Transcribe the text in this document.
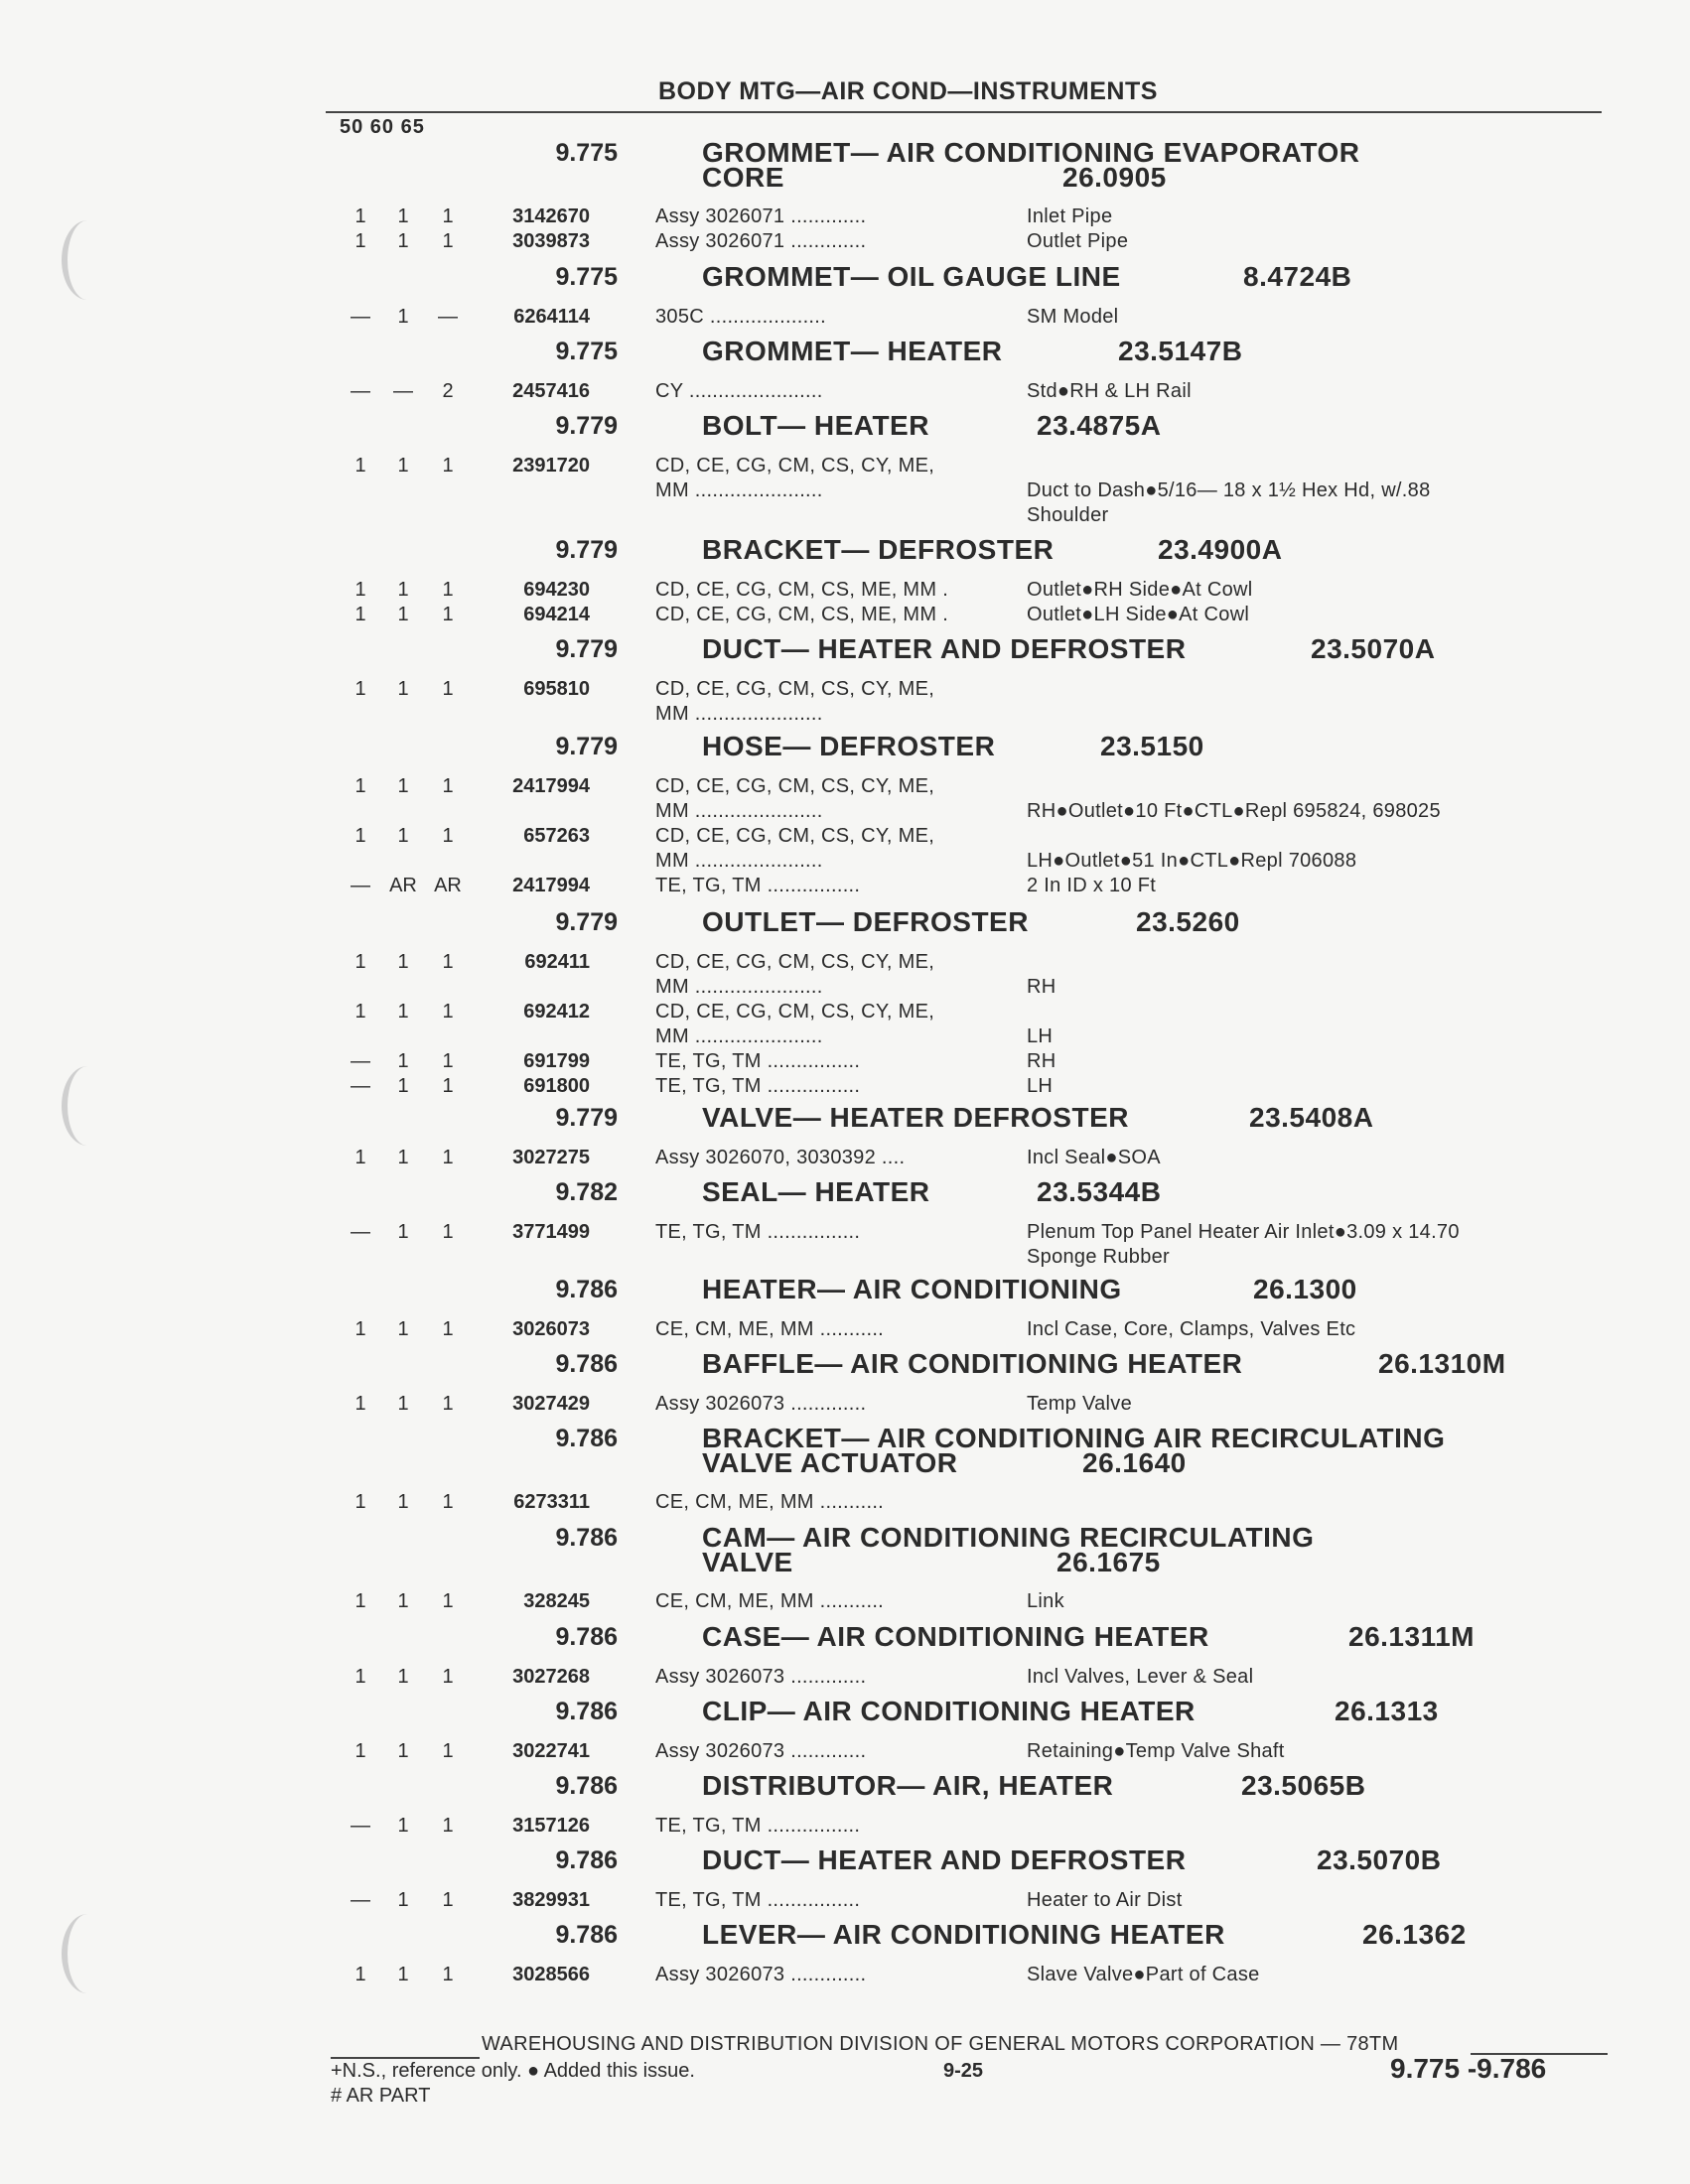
BODY MTG—AIR COND—INSTRUMENTS
50 60 65
9.775	GROMMET— AIR CONDITIONING EVAPORATOR
CORE	26.0905
1	1	1	3142670	Assy 3026071 .............	Inlet Pipe
1	1	1	3039873	Assy 3026071 .............	Outlet Pipe
9.775	GROMMET— OIL GAUGE LINE	8.4724B
—	1	—	6264114	305C ....................	SM Model
9.775	GROMMET— HEATER	23.5147B
—	—	2	2457416	CY .......................	Std●RH & LH Rail
9.779	BOLT— HEATER	23.4875A
1	1	1	2391720	CD, CE, CG, CM, CS, CY, ME,
MM ......................	Duct to Dash●5/16— 18 x 1½ Hex Hd, w/.88
Shoulder
9.779	BRACKET— DEFROSTER	23.4900A
1	1	1	694230	CD, CE, CG, CM, CS, ME, MM .	Outlet●RH Side●At Cowl
1	1	1	694214	CD, CE, CG, CM, CS, ME, MM .	Outlet●LH Side●At Cowl
9.779	DUCT— HEATER AND DEFROSTER	23.5070A
1	1	1	695810	CD, CE, CG, CM, CS, CY, ME,
MM ......................
9.779	HOSE— DEFROSTER	23.5150
1	1	1	2417994	CD, CE, CG, CM, CS, CY, ME,
MM ......................	RH●Outlet●10 Ft●CTL●Repl 695824, 698025
1	1	1	657263	CD, CE, CG, CM, CS, CY, ME,
MM ......................	LH●Outlet●51 In●CTL●Repl 706088
— AR AR	2417994	TE, TG, TM ................	2 In ID x 10 Ft
9.779	OUTLET— DEFROSTER	23.5260
1	1	1	692411	CD, CE, CG, CM, CS, CY, ME,
MM ......................	RH
1	1	1	692412	CD, CE, CG, CM, CS, CY, ME,
MM ......................	LH
—	1	1	691799	TE, TG, TM ................	RH
—	1	1	691800	TE, TG, TM ................	LH
9.779	VALVE— HEATER DEFROSTER	23.5408A
1	1	1	3027275	Assy 3026070, 3030392 ....	Incl Seal●SOA
9.782	SEAL— HEATER	23.5344B
—	1	1	3771499	TE, TG, TM ................	Plenum Top Panel Heater Air Inlet●3.09 x 14.70
Sponge Rubber
9.786	HEATER— AIR CONDITIONING	26.1300
1	1	1	3026073	CE, CM, ME, MM ...........	Incl Case, Core, Clamps, Valves Etc
9.786	BAFFLE— AIR CONDITIONING HEATER	26.1310M
1	1	1	3027429	Assy 3026073 .............	Temp Valve
9.786	BRACKET— AIR CONDITIONING AIR RECIRCULATING
VALVE ACTUATOR	26.1640
1	1	1	6273311	CE, CM, ME, MM ...........
9.786	CAM— AIR CONDITIONING RECIRCULATING
VALVE	26.1675
1	1	1	328245	CE, CM, ME, MM ...........	Link
9.786	CASE— AIR CONDITIONING HEATER	26.1311M
1	1	1	3027268	Assy 3026073 .............	Incl Valves, Lever & Seal
9.786	CLIP— AIR CONDITIONING HEATER	26.1313
1	1	1	3022741	Assy 3026073 .............	Retaining●Temp Valve Shaft
9.786	DISTRIBUTOR— AIR, HEATER	23.5065B
—	1	1	3157126	TE, TG, TM ................
9.786	DUCT— HEATER AND DEFROSTER	23.5070B
—	1	1	3829931	TE, TG, TM ................	Heater to Air Dist
9.786	LEVER— AIR CONDITIONING HEATER	26.1362
1	1	1	3028566	Assy 3026073 .............	Slave Valve●Part of Case
WAREHOUSING AND DISTRIBUTION DIVISION OF GENERAL MOTORS CORPORATION — 78TM
+N.S., reference only. ● Added this issue.
# AR PART
9-25	9.775 -9.786
